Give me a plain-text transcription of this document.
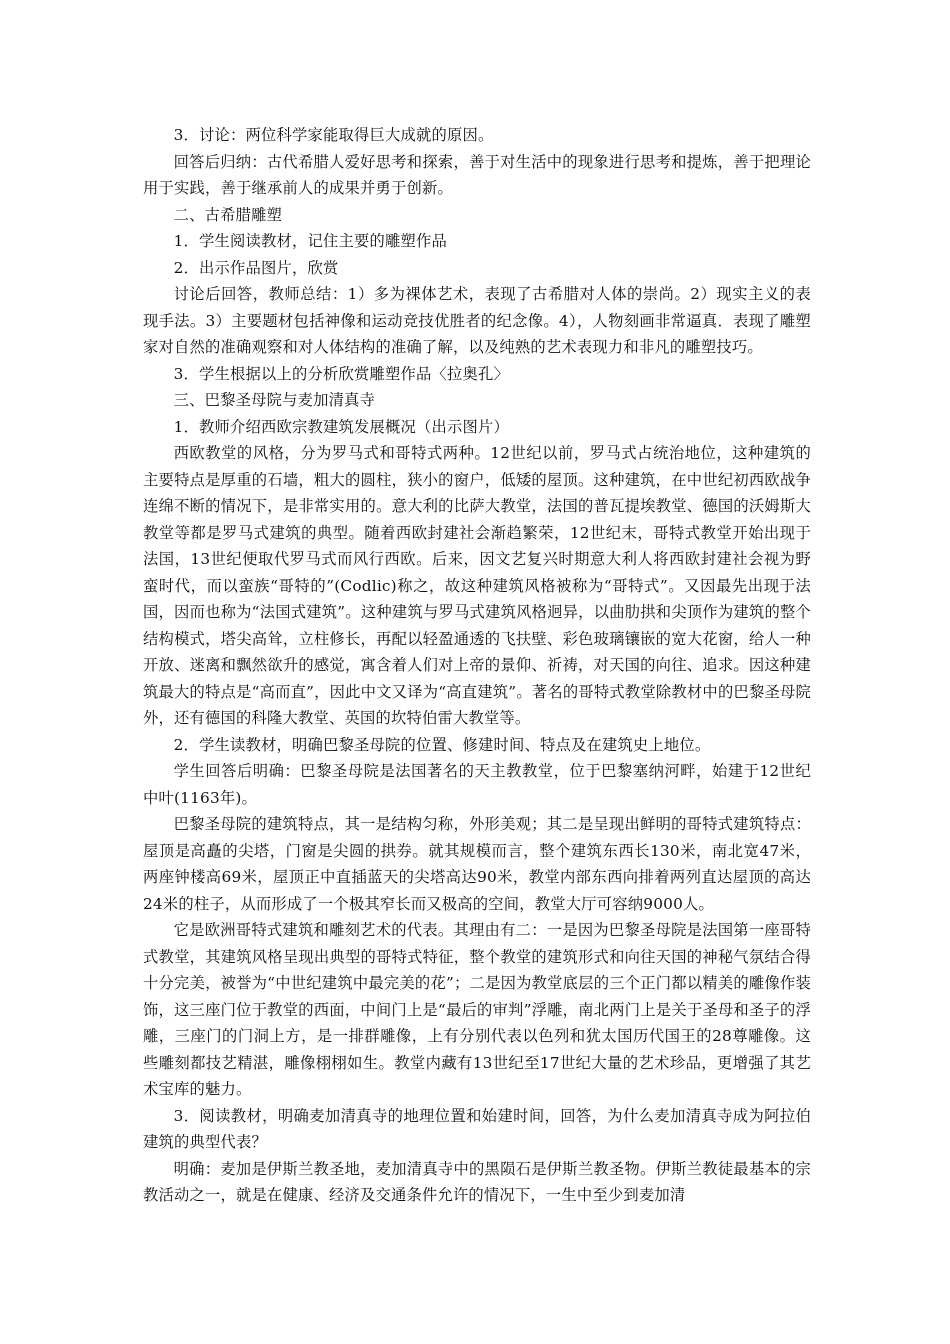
3．讨论：两位科学家能取得巨大成就的原因。

回答后归纳：古代希腊人爱好思考和探索，善于对生活中的现象进行思考和提炼，善于把理论用于实践，善于继承前人的成果并勇于创新。

二、古希腊雕塑

1．学生阅读教材，记住主要的雕塑作品

2．出示作品图片，欣赏

讨论后回答，教师总结：1）多为裸体艺术，表现了古希腊对人体的崇尚。2）现实主义的表现手法。3）主要题材包括神像和运动竞技优胜者的纪念像。4），人物刻画非常逼真．表现了雕塑家对自然的准确观察和对人体结构的准确了解，以及纯熟的艺术表现力和非凡的雕塑技巧。

3．学生根据以上的分析欣赏雕塑作品〈拉奥孔〉

三、巴黎圣母院与麦加清真寺

1．教师介绍西欧宗教建筑发展概况（出示图片）

西欧教堂的风格，分为罗马式和哥特式两种。12世纪以前，罗马式占统治地位，这种建筑的主要特点是厚重的石墙，粗大的圆柱，狭小的窗户，低矮的屋顶。这种建筑，在中世纪初西欧战争连绵不断的情况下，是非常实用的。意大利的比萨大教堂，法国的普瓦提埃教堂、德国的沃姆斯大教堂等都是罗马式建筑的典型。随着西欧封建社会渐趋繁荣，12世纪末，哥特式教堂开始出现于法国，13世纪便取代罗马式而风行西欧。后来，因文艺复兴时期意大利人将西欧封建社会视为野蛮时代，而以蛮族“哥特的”(Codlic)称之，故这种建筑风格被称为“哥特式”。又因最先出现于法国，因而也称为“法国式建筑”。这种建筑与罗马式建筑风格迥异，以曲肋拱和尖顶作为建筑的整个结构模式，塔尖高耸，立柱修长，再配以轻盈通透的飞扶壁、彩色玻璃镶嵌的宽大花窗，给人一种开放、迷离和飘然欲升的感觉，寓含着人们对上帝的景仰、祈祷，对天国的向往、追求。因这种建筑最大的特点是“高而直”，因此中文又译为“高直建筑”。著名的哥特式教堂除教材中的巴黎圣母院外，还有德国的科隆大教堂、英国的坎特伯雷大教堂等。

2．学生读教材，明确巴黎圣母院的位置、修建时间、特点及在建筑史上地位。

学生回答后明确：巴黎圣母院是法国著名的天主教教堂，位于巴黎塞纳河畔，始建于12世纪中叶(1163年)。

巴黎圣母院的建筑特点，其一是结构匀称，外形美观；其二是呈现出鲜明的哥特式建筑特点：屋顶是高矗的尖塔，门窗是尖圆的拱券。就其规模而言，整个建筑东西长130米，南北宽47米，两座钟楼高69米，屋顶正中直插蓝天的尖塔高达90米，教堂内部东西向排着两列直达屋顶的高达24米的柱子，从而形成了一个极其窄长而又极高的空间，教堂大厅可容纳9000人。

它是欧洲哥特式建筑和雕刻艺术的代表。其理由有二：一是因为巴黎圣母院是法国第一座哥特式教堂，其建筑风格呈现出典型的哥特式特征，整个教堂的建筑形式和向往天国的神秘气氛结合得十分完美，被誉为“中世纪建筑中最完美的花”；二是因为教堂底层的三个正门都以精美的雕像作装饰，这三座门位于教堂的西面，中间门上是“最后的审判”浮雕，南北两门上是关于圣母和圣子的浮雕，三座门的门洞上方，是一排群雕像，上有分别代表以色列和犹太国历代国王的28尊雕像。这些雕刻都技艺精湛，雕像栩栩如生。教堂内藏有13世纪至17世纪大量的艺术珍品，更增强了其艺术宝库的魅力。

3．阅读教材，明确麦加清真寺的地理位置和始建时间，回答，为什么麦加清真寺成为阿拉伯建筑的典型代表？

明确：麦加是伊斯兰教圣地，麦加清真寺中的黑陨石是伊斯兰教圣物。伊斯兰教徒最基本的宗教活动之一，就是在健康、经济及交通条件允许的情况下，一生中至少到麦加清
